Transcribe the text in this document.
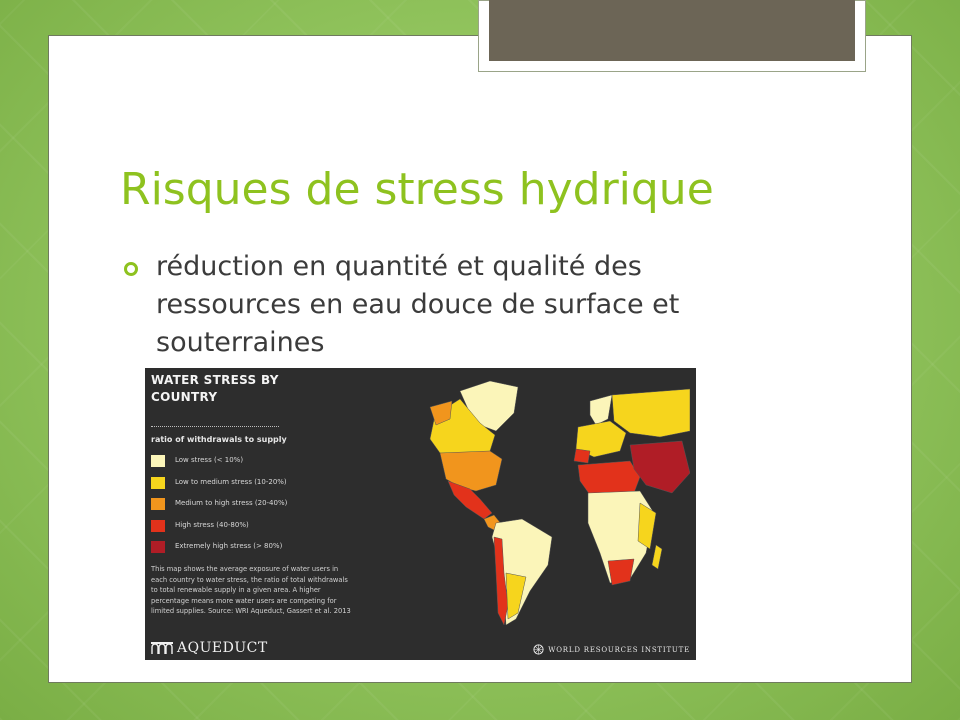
Risques de stress hydrique
réduction en quantité et qualité des
ressources en eau douce de surface et
souterraines
WATER STRESS BY
COUNTRY
ratio of withdrawals to supply
Low stress (< 10%)
Low to medium stress (10-20%)
Medium to high stress (20-40%)
High stress (40-80%)
Extremely high stress (> 80%)
This map shows the average exposure of water users in
each country to water stress, the ratio of total withdrawals
to total renewable supply in a given area. A higher
percentage means more water users are competing for
limited supplies. Source: WRI Aqueduct, Gassert et al. 2013
AQUEDUCT	WORLD RESOURCES INSTITUTE
